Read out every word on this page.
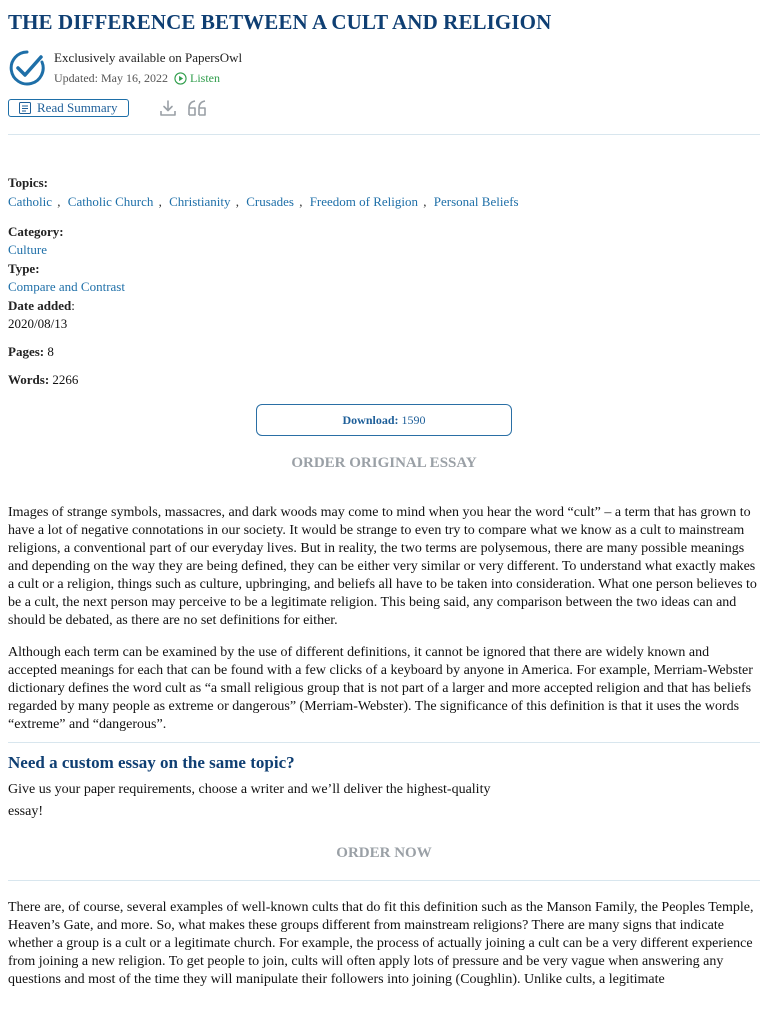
THE DIFFERENCE BETWEEN A CULT AND RELIGION
Exclusively available on PapersOwl
Updated: May 16, 2022 Listen
Read Summary
Topics:
Catholic , Catholic Church , Christianity , Crusades , Freedom of Religion , Personal Beliefs
Category:
Culture
Type:
Compare and Contrast
Date added:
2020/08/13
Pages: 8
Words: 2266
Download: 1590
ORDER ORIGINAL ESSAY

Images of strange symbols, massacres, and dark woods may come to mind when you hear the word “cult” – a term that has grown to have a lot of negative connotations in our society. It would be strange to even try to compare what we know as a cult to mainstream religions, a conventional part of our everyday lives. But in reality, the two terms are polysemous, there are many possible meanings and depending on the way they are being defined, they can be either very similar or very different. To understand what exactly makes a cult or a religion, things such as culture, upbringing, and beliefs all have to be taken into consideration. What one person believes to be a cult, the next person may perceive to be a legitimate religion. This being said, any comparison between the two ideas can and should be debated, as there are no set definitions for either.

Although each term can be examined by the use of different definitions, it cannot be ignored that there are widely known and accepted meanings for each that can be found with a few clicks of a keyboard by anyone in America. For example, Merriam-Webster dictionary defines the word cult as “a small religious group that is not part of a larger and more accepted religion and that has beliefs regarded by many people as extreme or dangerous” (Merriam-Webster). The significance of this definition is that it uses the words “extreme” and “dangerous”.

Need a custom essay on the same topic?
Give us your paper requirements, choose a writer and we’ll deliver the highest-quality essay!
ORDER NOW

There are, of course, several examples of well-known cults that do fit this definition such as the Manson Family, the Peoples Temple, Heaven’s Gate, and more. So, what makes these groups different from mainstream religions? There are many signs that indicate whether a group is a cult or a legitimate church. For example, the process of actually joining a cult can be a very different experience from joining a new religion. To get people to join, cults will often apply lots of pressure and be very vague when answering any questions and most of the time they will manipulate their followers into joining (Coughlin). Unlike cults, a legitimate
